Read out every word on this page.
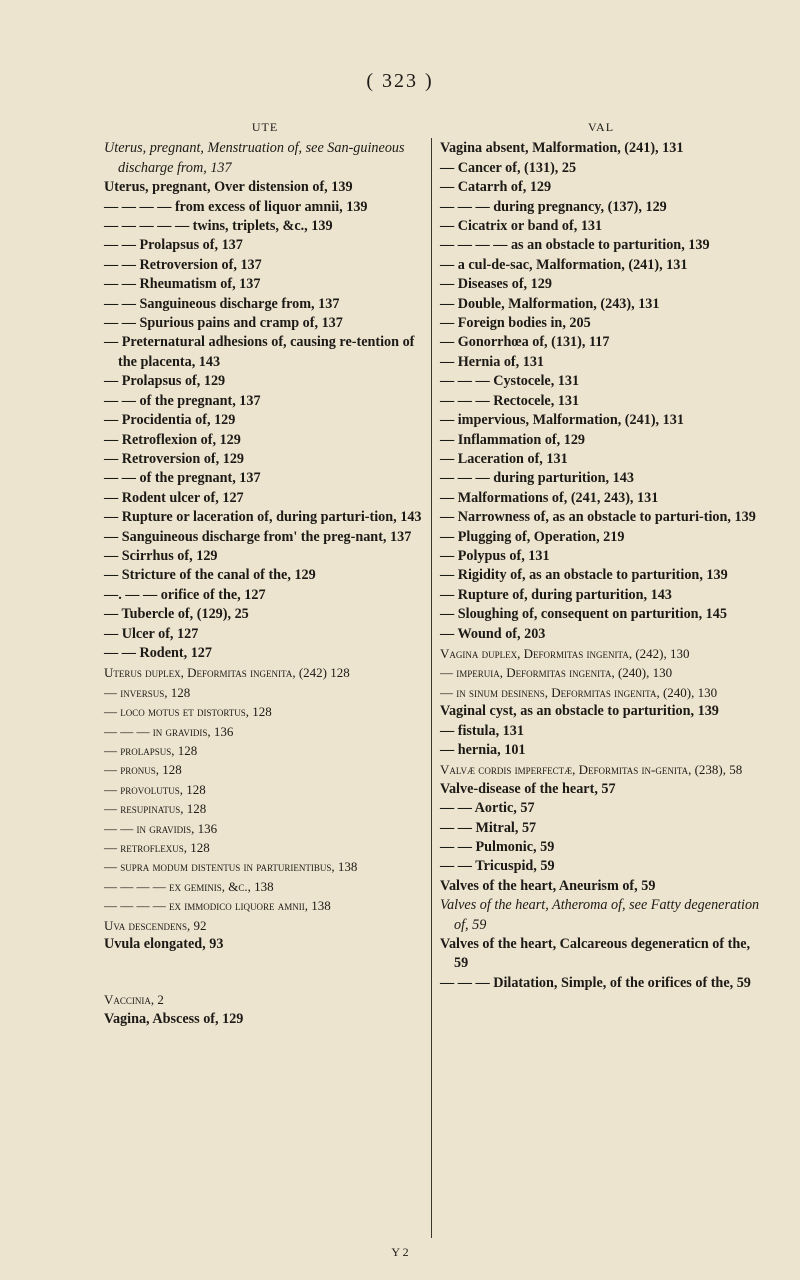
( 323 )
UTE

Uterus, pregnant, Menstruation of, see San-guineous discharge from, 137

Uterus, pregnant, Over distension of, 139

— — — — from excess of liquor amnii, 139

— — — — — twins, triplets, &c., 139

— — Prolapsus of, 137

— — Retroversion of, 137

— — Rheumatism of, 137

— — Sanguineous discharge from, 137

— — Spurious pains and cramp of, 137

— Preternatural adhesions of, causing re-tention of the placenta, 143

— Prolapsus of, 129

— — of the pregnant, 137

— Procidentia of, 129

— Retroflexion of, 129

— Retroversion of, 129

— — of the pregnant, 137

— Rodent ulcer of, 127

— Rupture or laceration of, during parturi-tion, 143

— Sanguineous discharge from' the preg-nant, 137

— Scirrhus of, 129

— Stricture of the canal of the, 129

—. — — orifice of the, 127

— Tubercle of, (129), 25

— Ulcer of, 127

— — Rodent, 127

Uterus duplex, Deformitas ingenita, (242) 128

— inversus, 128

— loco motus et distortus, 128

— — — in gravidis, 136

— prolapsus, 128

— pronus, 128

— provolutus, 128

— resupinatus, 128

— — in gravidis, 136

— retroflexus, 128

— supra modum distentus in parturientibus, 138

— — — — ex geminis, &c., 138

— — — — ex immodico liquore amnii, 138

Uva descendens, 92

Uvula elongated, 93

Vaccinia, 2

Vagina, Abscess of, 129

VAL

Vagina absent, Malformation, (241), 131

— Cancer of, (131), 25

— Catarrh of, 129

— — — during pregnancy, (137), 129

— Cicatrix or band of, 131

— — — — as an obstacle to parturition, 139

— a cul-de-sac, Malformation, (241), 131

— Diseases of, 129

— Double, Malformation, (243), 131

— Foreign bodies in, 205

— Gonorrhœa of, (131), 117

— Hernia of, 131

— — — Cystocele, 131

— — — Rectocele, 131

— impervious, Malformation, (241), 131

— Inflammation of, 129

— Laceration of, 131

— — — during parturition, 143

— Malformations of, (241, 243), 131

— Narrowness of, as an obstacle to parturi-tion, 139

— Plugging of, Operation, 219

— Polypus of, 131

— Rigidity of, as an obstacle to parturition, 139

— Rupture of, during parturition, 143

— Sloughing of, consequent on parturition, 145

— Wound of, 203

Vagina duplex, Deformitas ingenita, (242), 130

— imperuia, Deformitas ingenita, (240), 130

— in sinum desinens, Deformitas ingenita, (240), 130

Vaginal cyst, as an obstacle to parturition, 139

— fistula, 131

— hernia, 101

Valvæ cordis imperfectæ, Deformitas in-genita, (238), 58

Valve-disease of the heart, 57

— — Aortic, 57

— — Mitral, 57

— — Pulmonic, 59

— — Tricuspid, 59

Valves of the heart, Aneurism of, 59

Valves of the heart, Atheroma of, see Fatty degeneration of, 59

Valves of the heart, Calcareous degeneraticn of the, 59

— — — Dilatation, Simple, of the orifices of the, 59

Y 2
